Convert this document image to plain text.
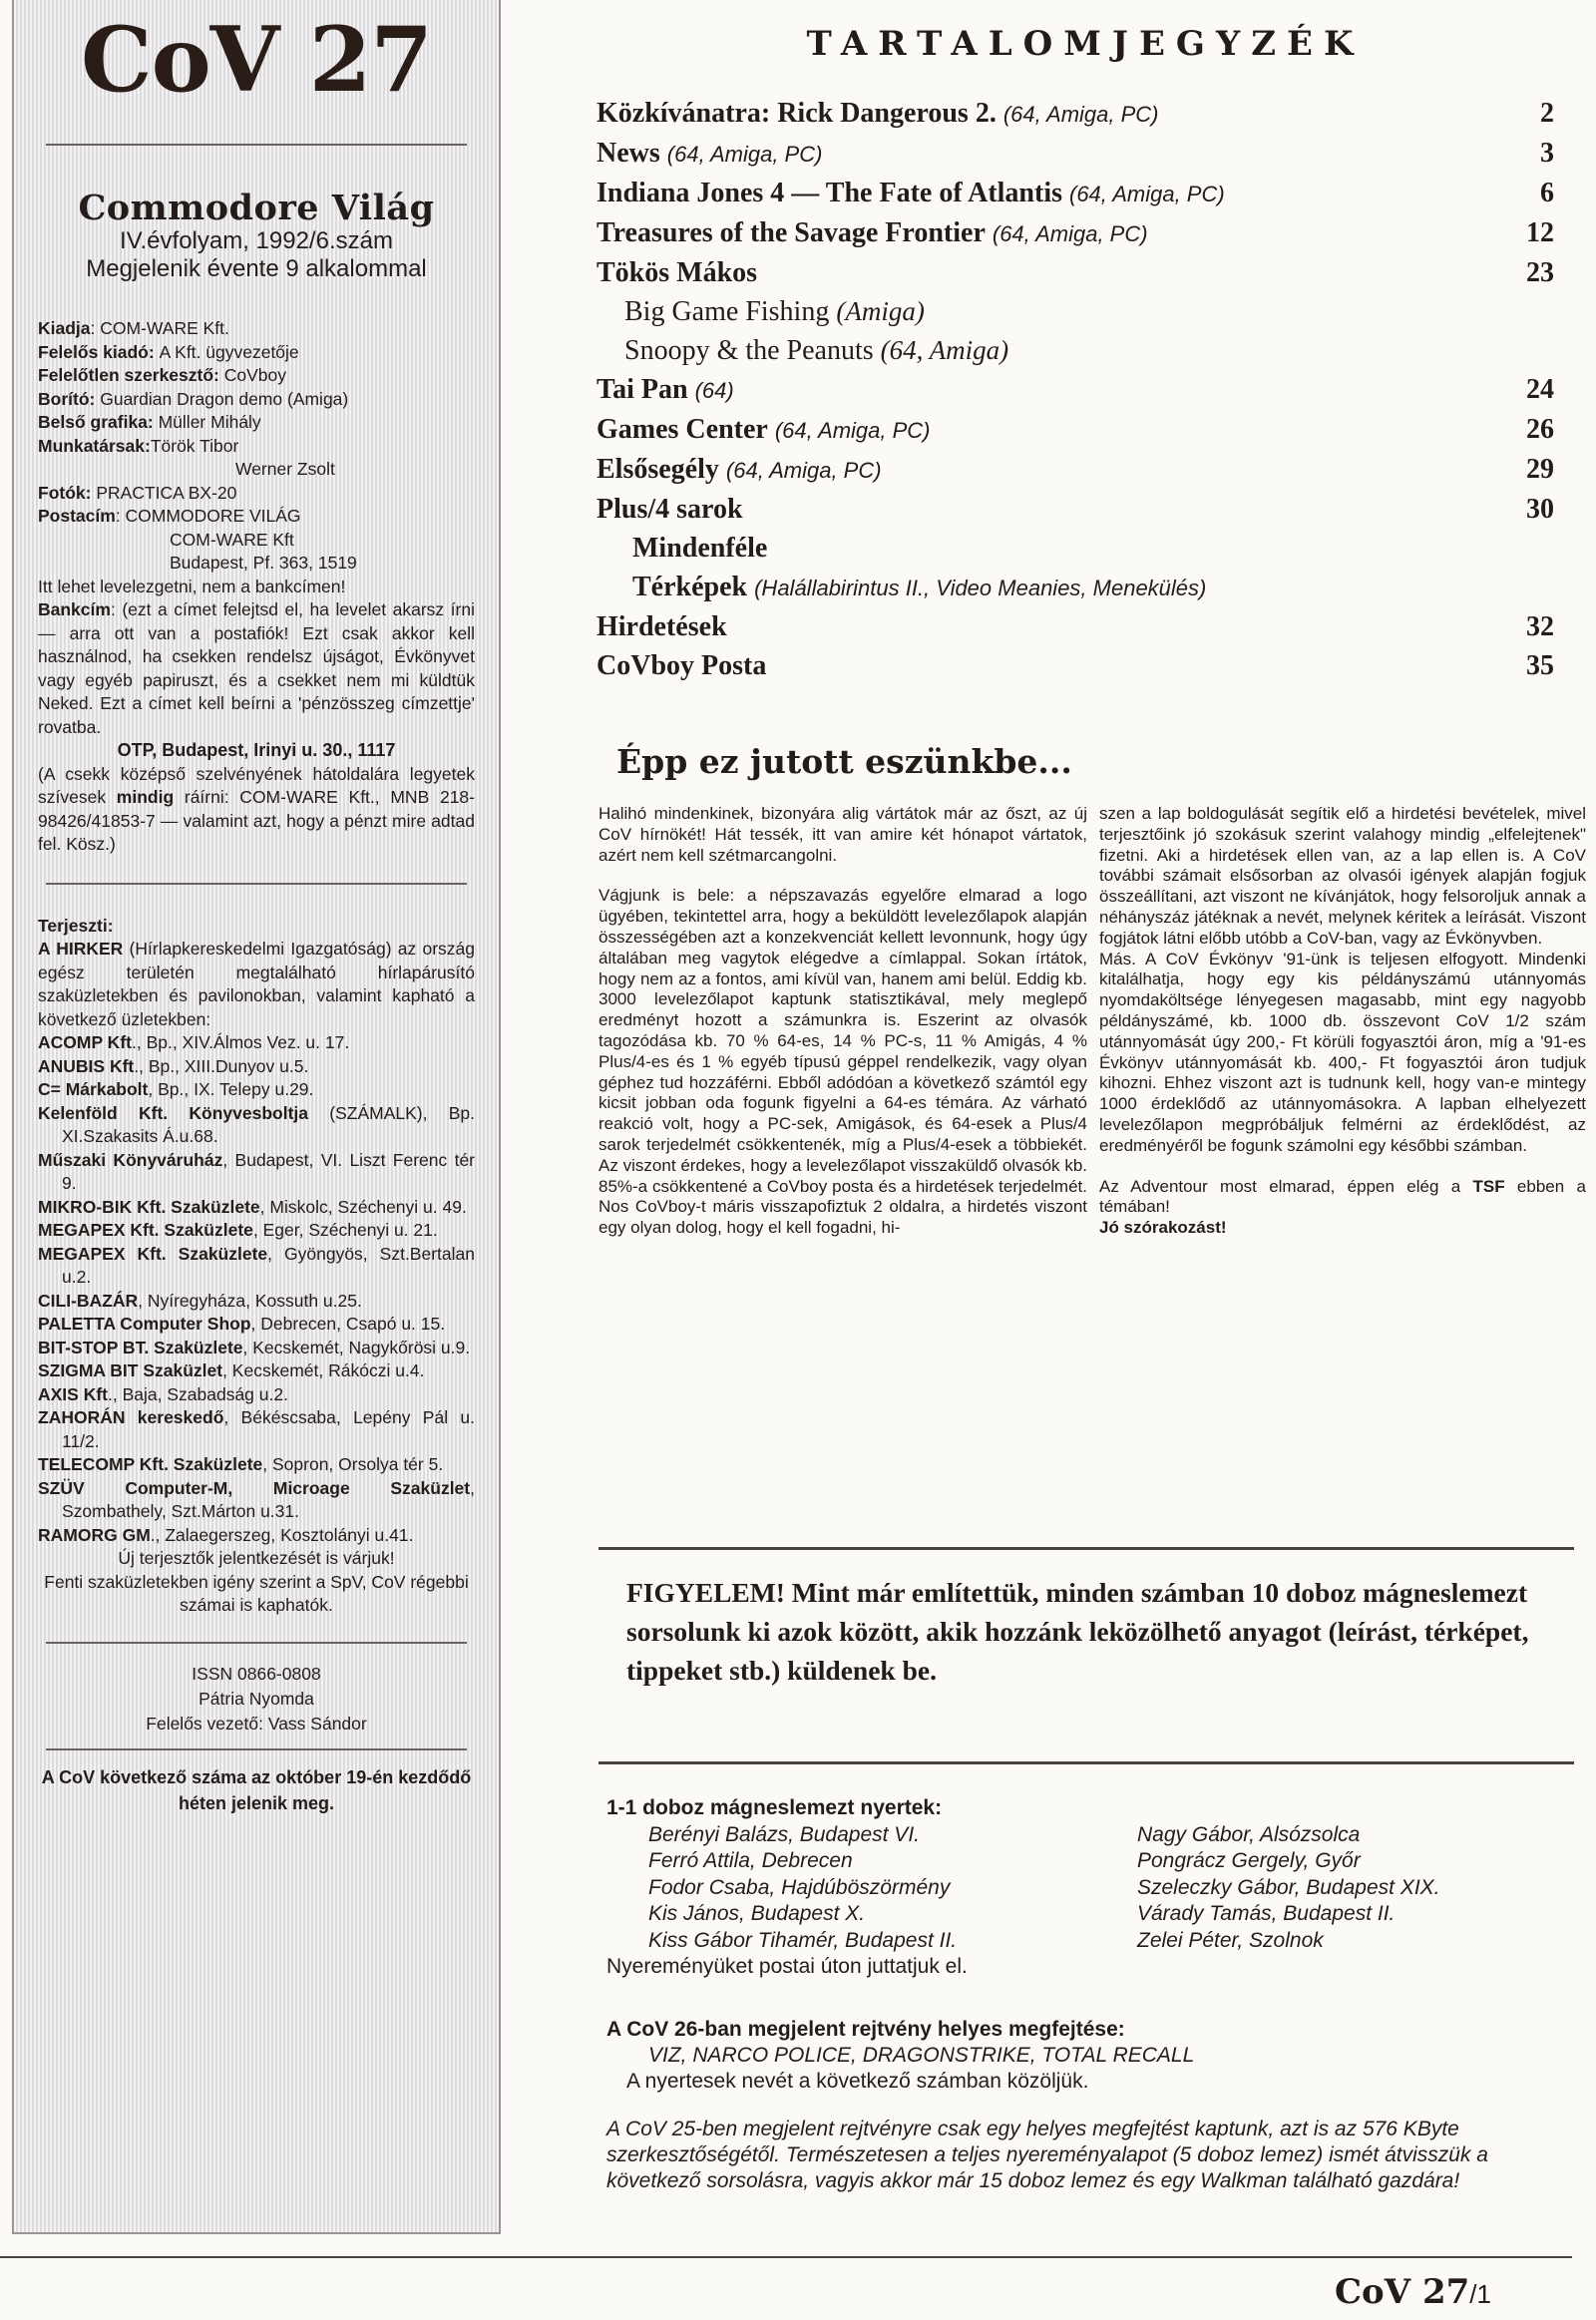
CoV 27
Commodore Világ
IV.évfolyam, 1992/6.szám
Megjelenik évente 9 alkalommal
Kiadja : COM-WARE Kft.
Felelős kiadó:
A Kft. ügyvezetője
Felelőtlen szerkesztő:
CoVboy
Borító:
Guardian Dragon demo (Amiga)
Belső grafika:
Müller Mihály
Munkatársak: Török Tibor
Werner Zsolt
Fotók:
PRACTICA BX-20
Postacím : COMMODORE VILÁG
COM-WARE Kft
Budapest, Pf. 363, 1519
Itt lehet levelezgetni, nem a bankcímen!
Bankcím: (ezt a címet felejtsd el, ha levelet akarsz írni — arra ott van a postafiók! Ezt csak akkor kell használnod, ha csekken rendelsz újságot, Évkönyvet vagy egyéb papiruszt, és a csekket nem mi küldtük Neked. Ezt a címet kell beírni a 'pénzösszeg címzettje' rovatba.
OTP, Budapest, Irinyi u. 30., 1117
(A csekk középső szelvényének hátoldalára legyetek szívesek mindig ráírni: COM-WARE Kft., MNB 218-98426/41853-7 — valamint azt, hogy a pénzt mire adtad fel. Kösz.)
Terjeszti:
A HIRKER (Hírlapkereskedelmi Igazgatóság) az ország egész területén megtalálható hírlapárusító szaküzletekben és pavilonokban, valamint kapható a következő üzletekben:
ACOMP Kft., Bp., XIV.Álmos Vez. u. 17.
ANUBIS Kft., Bp., XIII.Dunyov u.5.
C= Márkabolt, Bp., IX. Telepy u.29.
Kelenföld Kft. Könyvesboltja (SZÁMALK), Bp. XI.Szakasits Á.u.68.
Műszaki Könyváruház, Budapest, VI. Liszt Ferenc tér 9.
MIKRO-BIK Kft. Szaküzlete, Miskolc, Széchenyi u. 49.
MEGAPEX Kft. Szaküzlete, Eger, Széchenyi u. 21.
MEGAPEX Kft. Szaküzlete, Gyöngyös, Szt.Bertalan u.2.
CILI-BAZÁR, Nyíregyháza, Kossuth u.25.
PALETTA Computer Shop, Debrecen, Csapó u. 15.
BIT-STOP BT. Szaküzlete, Kecskemét, Nagykőrösi u.9.
SZIGMA BIT Szaküzlet, Kecskemét, Rákóczi u.4.
AXIS Kft., Baja, Szabadság u.2.
ZAHORÁN kereskedő, Békéscsaba, Lepény Pál u. 11/2.
TELECOMP Kft. Szaküzlete, Sopron, Orsolya tér 5.
SZÜV Computer-M, Microage Szaküzlet, Szombathely, Szt.Márton u.31.
RAMORG GM., Zalaegerszeg, Kosztolányi u.41.
Új terjesztők jelentkezését is várjuk!
Fenti szaküzletekben igény szerint a SpV, CoV régebbi számai is kaphatók.
ISSN 0866-0808
Pátria Nyomda
Felelős vezető: Vass Sándor
A CoV következő száma az október 19-én kezdődő héten jelenik meg.
TARTALOMJEGYZÉK
Közkívánatra: Rick Dangerous 2. (64, Amiga, PC)	2
News (64, Amiga, PC)	3
Indiana Jones 4 — The Fate of Atlantis (64, Amiga, PC)	6
Treasures of the Savage Frontier (64, Amiga, PC)	12
Tökös Mákos	23
Big Game Fishing (Amiga)
Snoopy & the Peanuts (64, Amiga)
Tai Pan (64)	24
Games Center (64, Amiga, PC)	26
Elsősegély (64, Amiga, PC)	29
Plus/4 sarok	30
Mindenféle
Térképek (Halállabirintus II., Video Meanies, Menekülés)
Hirdetések	32
CoVboy Posta	35
Épp ez jutott eszünkbe...

Halihó mindenkinek, bizonyára alig vártátok már az őszt, az új CoV hírnökét! Hát tessék, itt van amire két hónapot vártatok, azért nem kell szétmarcangolni.

Vágjunk is bele: a népszavazás egyelőre elmarad a logo ügyében, tekintettel arra, hogy a beküldött levelezőlapok alapján összességében azt a konzekvenciát kellett levonnunk, hogy úgy általában meg vagytok elégedve a címlappal. Sokan írtátok, hogy nem az a fontos, ami kívül van, hanem ami belül. Eddig kb. 3000 levelezőlapot kaptunk statisztikával, mely meglepő eredményt hozott a számunkra is. Eszerint az olvasók tagozódása kb. 70 % 64-es, 14 % PC-s, 11 % Amigás, 4 % Plus/4-es és 1 % egyéb típusú géppel rendelkezik, vagy olyan géphez tud hozzáférni. Ebből adódóan a következő számtól egy kicsit jobban oda fogunk figyelni a 64-es témára. Az várható reakció volt, hogy a PC-sek, Amigások, és 64-esek a Plus/4 sarok terjedelmét csökkentenék, míg a Plus/4-esek a többiekét. Az viszont érdekes, hogy a levelezőlapot visszaküldő olvasók kb. 85%-a csökkentené a CoVboy posta és a hirdetések terjedelmét. Nos CoVboy-t máris visszapofiztuk 2 oldalra, a hirdetés viszont egy olyan dolog, hogy el kell fogadni, hi-

szen a lap boldogulását segítik elő a hirdetési bevételek, mivel terjesztőink jó szokásuk szerint valahogy mindig „elfelejtenek" fizetni. Aki a hirdetések ellen van, az a lap ellen is. A CoV további számait elsősorban az olvasói igények alapján fogjuk összeállítani, azt viszont ne kívánjátok, hogy felsoroljuk annak a néhányszáz játéknak a nevét, melynek kéritek a leírását. Viszont fogjátok látni előbb utóbb a CoV-ban, vagy az Évkönyvben.

Más. A CoV Évkönyv '91-ünk is teljesen elfogyott. Mindenki kitalálhatja, hogy egy kis példányszámú utánnyomás nyomdaköltsége lényegesen magasabb, mint egy nagyobb példányszámé, kb. 1000 db. összevont CoV 1/2 szám utánnyomását úgy 200,- Ft körüli fogyasztói áron, míg a '91-es Évkönyv utánnyomását kb. 400,- Ft fogyasztói áron tudjuk kihozni. Ehhez viszont azt is tudnunk kell, hogy van-e mintegy 1000 érdeklődő az utánnyomásokra. A lapban elhelyezett levelezőlapon megpróbáljuk felmérni az érdeklődést, az eredményéről be fogunk számolni egy későbbi számban.

Az Adventour most elmarad, éppen elég a TSF ebben a témában!

Jó szórakozást!

FIGYELEM! Mint már említettük, minden számban 10 doboz mágneslemezt sorsolunk ki azok között, akik hozzánk leközölhető anyagot (leírást, térképet, tippeket stb.) küldenek be.
1-1 doboz mágneslemezt nyertek:
Berényi Balázs, Budapest VI.	Nagy Gábor, Alsózsolca
Ferró Attila, Debrecen	Pongrácz Gergely, Győr
Fodor Csaba, Hajdúböszörmény	Szeleczky Gábor, Budapest XIX.
Kis János, Budapest X.	Várady Tamás, Budapest II.
Kiss Gábor Tihamér, Budapest II.	Zelei Péter, Szolnok
Nyereményüket postai úton juttatjuk el.
A CoV 26-ban megjelent rejtvény helyes megfejtése:
VIZ, NARCO POLICE, DRAGONSTRIKE, TOTAL RECALL
A nyertesek nevét a következő számban közöljük.
A CoV 25-ben megjelent rejtvényre csak egy helyes megfejtést kaptunk, azt is az 576 KByte szerkesztőségétől. Természetesen a teljes nyereményalapot (5 doboz lemez) ismét átvisszük a következő sorsolásra, vagyis akkor már 15 doboz lemez és egy Walkman található gazdára!
CoV 27/1
